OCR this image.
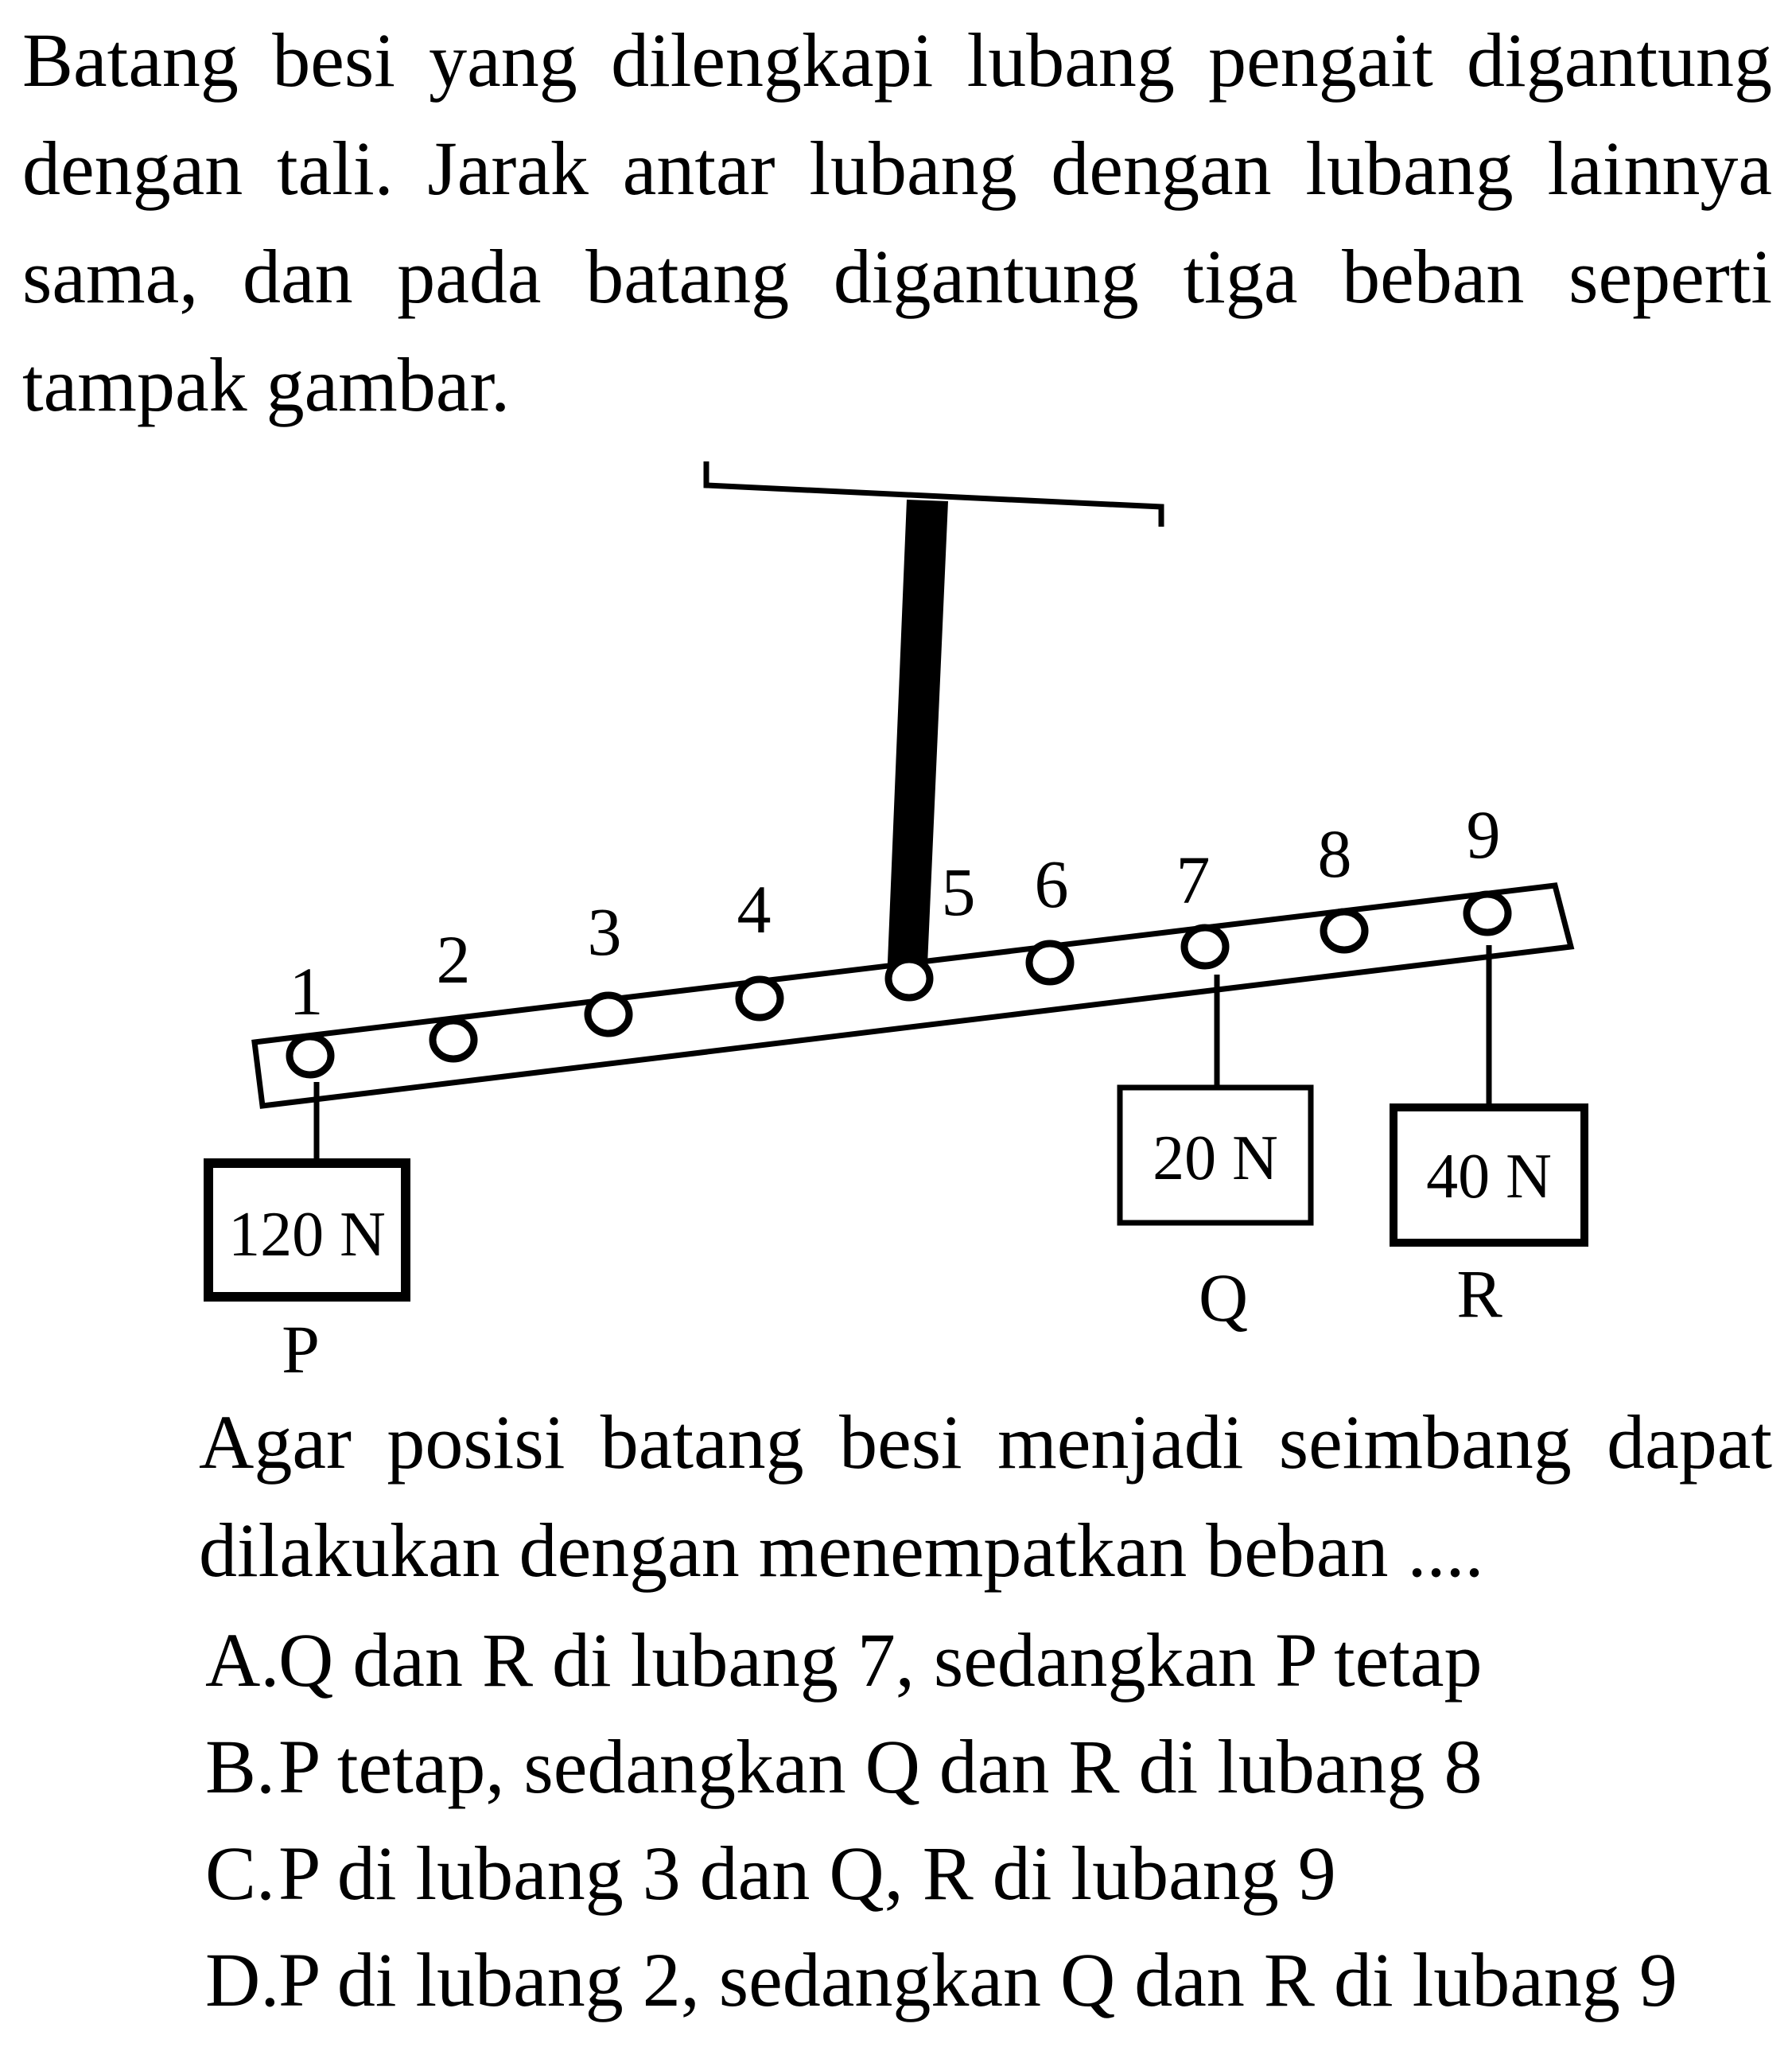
Batang besi yang dilengkapi lubang pengait digantung dengan tali. Jarak antar lubang dengan lubang lainnya sama, dan pada batang digantung tiga beban seperti tampak gambar.
1 2 3 4 5 6 7 8 9
120 N
P
20 N
Q
40 N
R
Agar posisi batang besi menjadi seimbang dapat dilakukan dengan menempatkan beban ....
A.Q dan R di lubang 7, sedangkan P tetap
B.P tetap, sedangkan Q dan R di lubang 8
C.P di lubang 3 dan Q, R di lubang 9
D.P di lubang 2, sedangkan Q dan R di lubang 9
